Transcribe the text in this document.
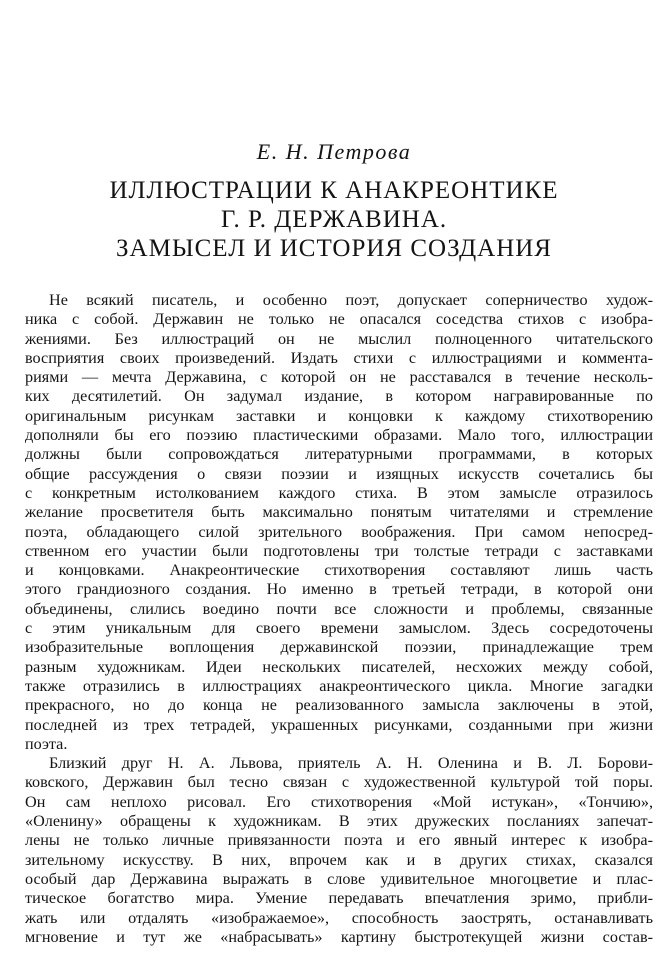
Е. Н. Петрова
ИЛЛЮСТРАЦИИ К АНАКРЕОНТИКЕ
Г. Р. ДЕРЖАВИНА.
ЗАМЫСЕЛ И ИСТОРИЯ СОЗДАНИЯ
Не всякий писатель, и особенно поэт, допускает соперничество худож-
ника с собой. Державин не только не опасался соседства стихов с изобра-
жениями. Без иллюстраций он не мыслил полноценного читательского
восприятия своих произведений. Издать стихи с иллюстрациями и коммента-
риями — мечта Державина, с которой он не расставался в течение несколь-
ких десятилетий. Он задумал издание, в котором награвированные по
оригинальным рисункам заставки и концовки к каждому стихотворению
дополняли бы его поэзию пластическими образами. Мало того, иллюстрации
должны были сопровождаться литературными программами, в которых
общие рассуждения о связи поэзии и изящных искусств сочетались бы
с конкретным истолкованием каждого стиха. В этом замысле отразилось
желание просветителя быть максимально понятым читателями и стремление
поэта, обладающего силой зрительного воображения. При самом непосред-
ственном его участии были подготовлены три толстые тетради с заставками
и концовками. Анакреонтические стихотворения составляют лишь часть
этого грандиозного создания. Но именно в третьей тетради, в которой они
объединены, слились воедино почти все сложности и проблемы, связанные
с этим уникальным для своего времени замыслом. Здесь сосредоточены
изобразительные воплощения державинской поэзии, принадлежащие трем
разным художникам. Идеи нескольких писателей, несхожих между собой,
также отразились в иллюстрациях анакреонтического цикла. Многие загадки
прекрасного, но до конца не реализованного замысла заключены в этой,
последней из трех тетрадей, украшенных рисунками, созданными при жизни
поэта.
Близкий друг Н. А. Львова, приятель А. Н. Оленина и В. Л. Борови-
ковского, Державин был тесно связан с художественной культурой той поры.
Он сам неплохо рисовал. Его стихотворения «Мой истукан», «Тончию»,
«Оленину» обращены к художникам. В этих дружеских посланиях запечат-
лены не только личные привязанности поэта и его явный интерес к изобра-
зительному искусству. В них, впрочем как и в других стихах, сказался
особый дар Державина выражать в слове удивительное многоцветие и плас-
тическое богатство мира. Умение передавать впечатления зримо, прибли-
жать или отдалять «изображаемое», способность заострять, останавливать
мгновение и тут же «набрасывать» картину быстротекущей жизни состав-
